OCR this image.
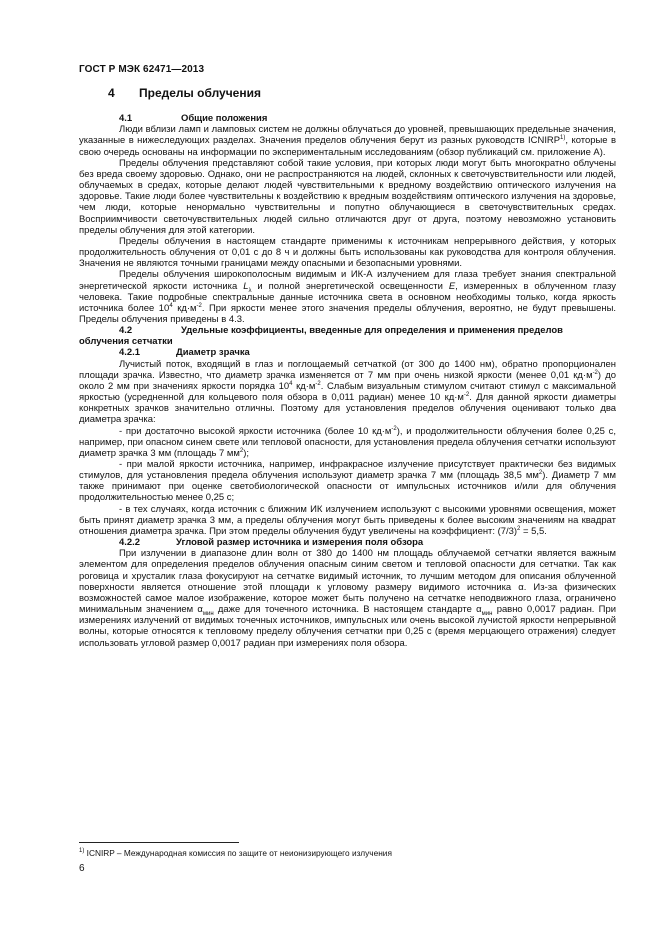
ГОСТ Р МЭК 62471—2013
4	Пределы облучения
4.1	Общие положения

Люди вблизи ламп и ламповых систем не должны облучаться до уровней, превышающих предельные значения, указанные в нижеследующих разделах. Значения пределов облучения берут из разных руководств ICNIRP$^{1)}$, которые в свою очередь основаны на информации по экспериментальным исследованиям (обзор публикаций см. приложение А).

Пределы облучения представляют собой такие условия, при которых люди могут быть многократно облучены без вреда своему здоровью. Однако, они не распространяются на людей, склонных к светочувствительности или людей, облучаемых в средах, которые делают людей чувствительными к вредному воздействию оптического излучения на здоровье. Такие люди более чувствительны к воздействию к вредным воздействиям оптического излучения на здоровье, чем люди, которые ненормально чувствительны и попутно облучающиеся в светочувствительных средах. Восприимчивости светочувствительных людей сильно отличаются друг от друга, поэтому невозможно установить пределы облучения для этой категории.

Пределы облучения в настоящем стандарте применимы к источникам непрерывного действия, у которых продолжительность облучения от 0,01 с до 8 ч и должны быть использованы как руководства для контроля облучения. Значения не являются точными границами между опасными и безопасными уровнями.

Пределы облучения широкополосным видимым и ИК-А излучением для глаза требует знания спектральной энергетической яркости источника $L_\lambda$ и полной энергетической освещенности E, измеренных в облученном глазу человека. Такие подробные спектральные данные источника света в основном необходимы только, когда яркость источника более $10^4$ $кд\cdot м^{-2}$. При яркости менее этого значения пределы облучения, вероятно, не будут превышены. Пределы облучения приведены в 4.3.

4.2	Удельные коэффициенты, введенные для определения и применения пределов
облучения сетчатки
4.2.1	Диаметр зрачка

Лучистый поток, входящий в глаз и поглощаемый сетчаткой (от 300 до 1400 нм), обратно пропорционален площади зрачка. Известно, что диаметр зрачка изменяется от 7 мм при очень низкой яркости (менее 0,01 $кд\cdot м^{-2}$) до около 2 мм при значениях яркости порядка $10^4$ $кд\cdot м^{-2}$. Слабым визуальным стимулом считают стимул с максимальной яркостью (усредненной для кольцевого поля обзора в 0,011 радиан) менее 10 $кд\cdot м^{-2}$. Для данной яркости диаметры конкретных зрачков значительно отличны. Поэтому для установления пределов облучения оценивают только два диаметра зрачка:

- при достаточно высокой яркости источника (более 10 $кд\cdot м^{-2}$), и продолжительности облучения более 0,25 с, например, при опасном синем свете или тепловой опасности, для установления предела облучения сетчатки используют диаметр зрачка 3 мм (площадь 7 $мм^2$);

- при малой яркости источника, например, инфракрасное излучение присутствует практически без видимых стимулов, для установления предела облучения используют диаметр зрачка 7 мм (площадь 38,5 $мм^2$). Диаметр 7 мм также принимают при оценке светобиологической опасности от импульсных источников и/или для облучения продолжительностью менее 0,25 с;

- в тех случаях, когда источник с ближним ИК излучением используют с высокими уровнями освещения, может быть принят диаметр зрачка 3 мм, а пределы облучения могут быть приведены к более высоким значениям на квадрат отношения диаметра зрачка. При этом пределы облучения будут увеличены на коэффициент: $(7/3)^2 = 5,5$.

4.2.2	Угловой размер источника и измерения поля обзора

При излучении в диапазоне длин волн от 380 до 1400 нм площадь облучаемой сетчатки является важным элементом для определения пределов облучения опасным синим светом и тепловой опасности для сетчатки. Так как роговица и хрусталик глаза фокусируют на сетчатке видимый источник, то лучшим методом для описания облученной поверхности является отношение этой площади к угловому размеру видимого источника α. Из-за физических возможностей самое малое изображение, которое может быть получено на сетчатке неподвижного глаза, ограничено минимальным значением $\alpha_{мин}$ даже для точечного источника. В настоящем стандарте $\alpha_{мин}$ равно 0,0017 радиан. При измерениях излучений от видимых точечных источников, импульсных или очень высокой лучистой яркости непрерывной волны, которые относятся к тепловому пределу облучения сетчатки при 0,25 с (время мерцающего отражения) следует использовать угловой размер 0,0017 радиан при измерениях поля обзора.

$^{1)}$ ICNIRP – Международная комиссия по защите от неионизирующего излучения
6
